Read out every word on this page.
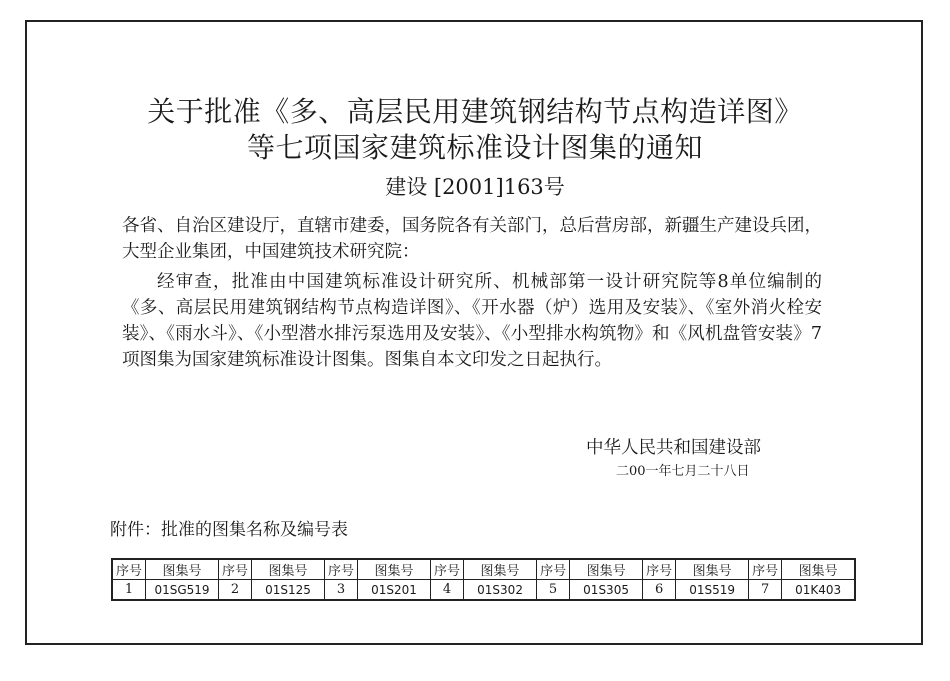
关于批准《多、高层民用建筑钢结构节点构造详图》
等七项国家建筑标准设计图集的通知
建设 [2001]163号

各省、自治区建设厅，直辖市建委，国务院各有关部门，总后营房部，新疆生产建设兵团，大型企业集团，中国建筑技术研究院：

经审查，批准由中国建筑标准设计研究所、机械部第一设计研究院等8单位编制的《多、高层民用建筑钢结构节点构造详图》、《开水器（炉）选用及安装》、《室外消火栓安装》、《雨水斗》、《小型潜水排污泵选用及安装》、《小型排水构筑物》和《风机盘管安装》7项图集为国家建筑标准设计图集。图集自本文印发之日起执行。

中华人民共和国建设部
二00一年七月二十八日
附件：批准的图集名称及编号表
序号	图集号	序号	图集号	序号	图集号	序号	图集号	序号	图集号	序号	图集号	序号	图集号
1	01SG519	2	01S125	3	01S201	4	01S302	5	01S305	6	01S519	7	01K403
